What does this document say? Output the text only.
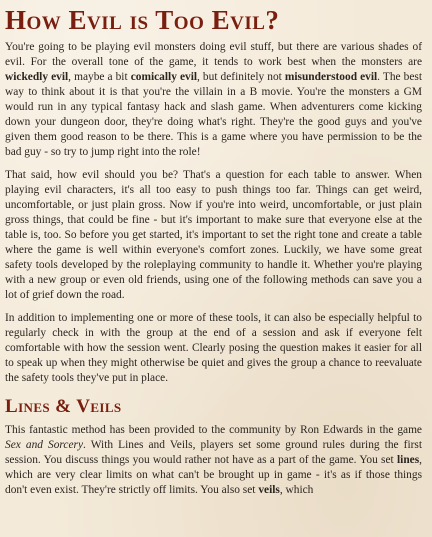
How Evil is Too Evil?

You're going to be playing evil monsters doing evil stuff, but there are various shades of evil. For the overall tone of the game, it tends to work best when the monsters are wickedly evil, maybe a bit comically evil, but definitely not misunderstood evil. The best way to think about it is that you're the villain in a B movie. You're the monsters a GM would run in any typical fantasy hack and slash game. When adventurers come kicking down your dungeon door, they're doing what's right. They're the good guys and you've given them good reason to be there. This is a game where you have permission to be the bad guy - so try to jump right into the role!

That said, how evil should you be? That's a question for each table to answer. When playing evil characters, it's all too easy to push things too far. Things can get weird, uncomfortable, or just plain gross. Now if you're into weird, uncomfortable, or just plain gross things, that could be fine - but it's important to make sure that everyone else at the table is, too. So before you get started, it's important to set the right tone and create a table where the game is well within everyone's comfort zones. Luckily, we have some great safety tools developed by the roleplaying community to handle it. Whether you're playing with a new group or even old friends, using one of the following methods can save you a lot of grief down the road.

In addition to implementing one or more of these tools, it can also be especially helpful to regularly check in with the group at the end of a session and ask if everyone felt comfortable with how the session went. Clearly posing the question makes it easier for all to speak up when they might otherwise be quiet and gives the group a chance to reevaluate the safety tools they've put in place.

Lines & Veils

This fantastic method has been provided to the community by Ron Edwards in the game Sex and Sorcery. With Lines and Veils, players set some ground rules during the first session. You discuss things you would rather not have as a part of the game. You set lines, which are very clear limits on what can't be brought up in game - it's as if those things don't even exist. They're strictly off limits. You also set veils, which
